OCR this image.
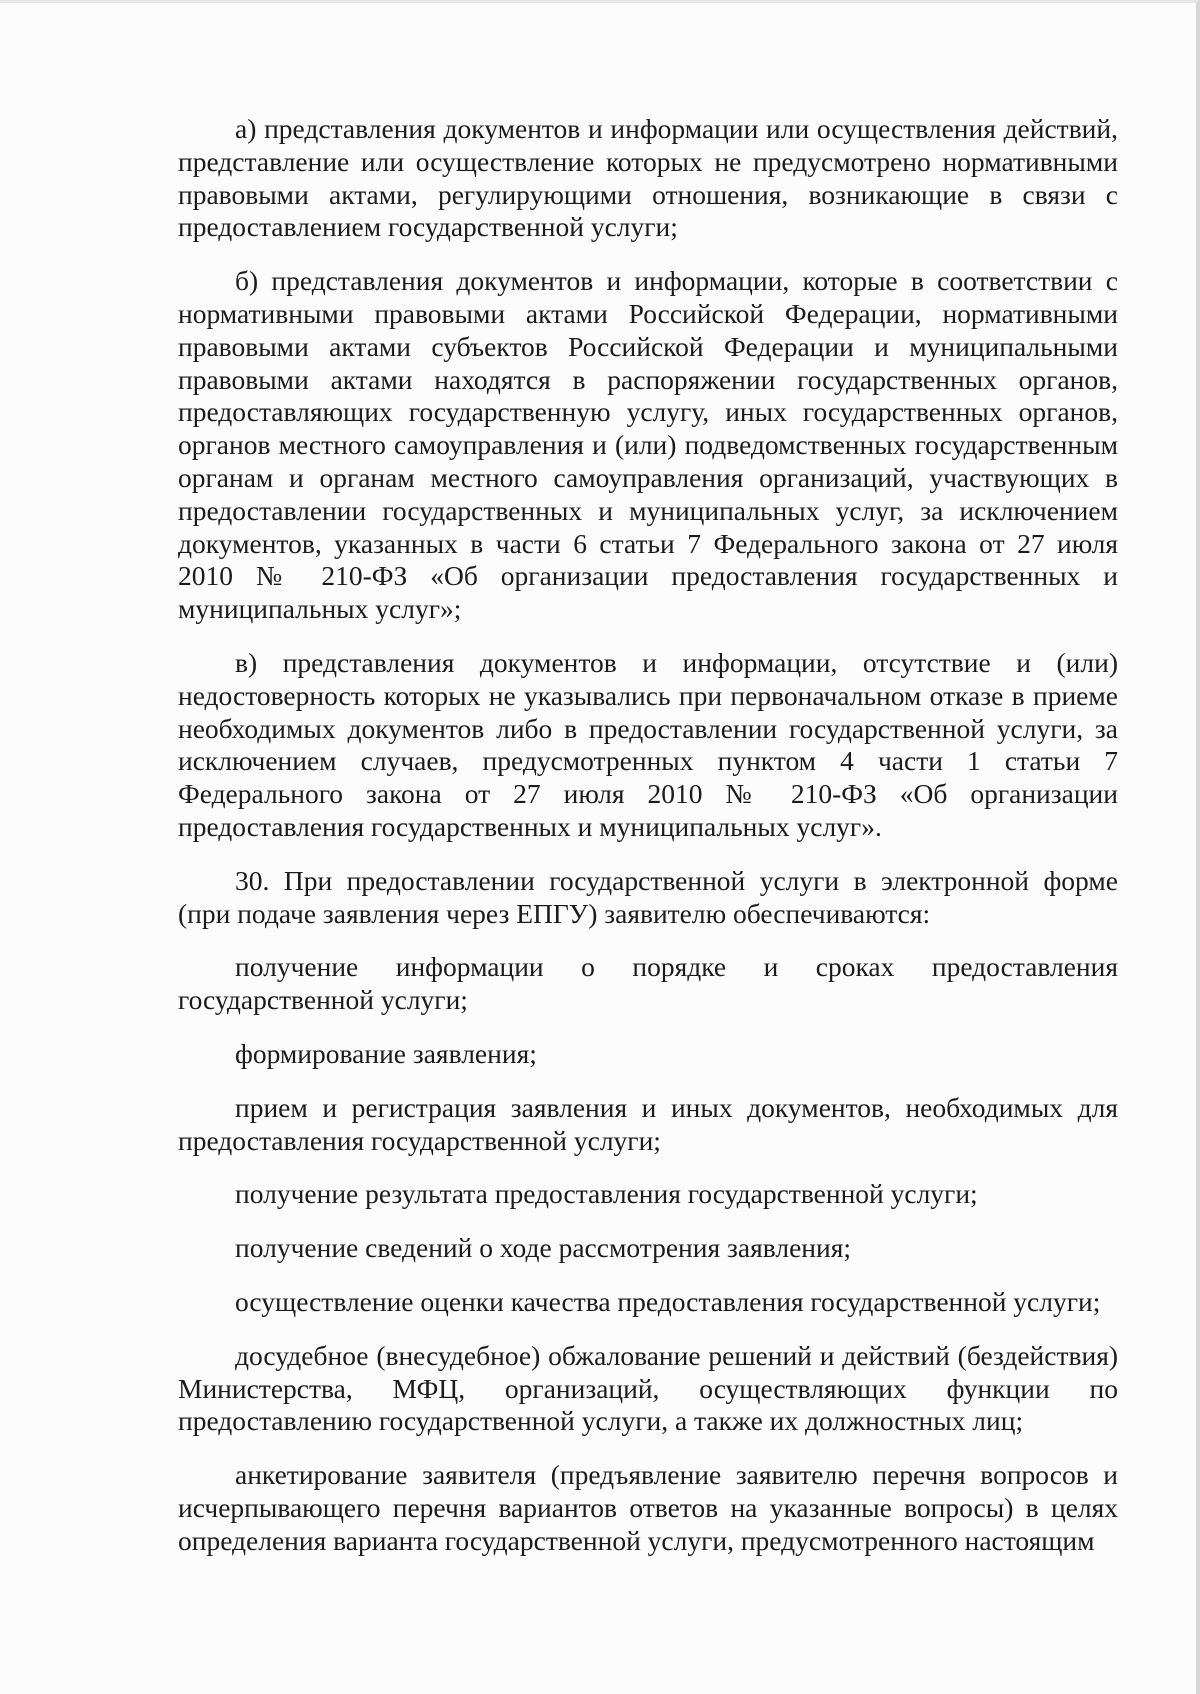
а) представления документов и информации или осуществления действий, представление или осуществление которых не предусмотрено нормативными правовыми актами, регулирующими отношения, возникающие в связи с предоставлением государственной услуги;

б) представления документов и информации, которые в соответствии с нормативными правовыми актами Российской Федерации, нормативными правовыми актами субъектов Российской Федерации и муниципальными правовыми актами находятся в распоряжении государственных органов, предоставляющих государственную услугу, иных государственных органов, органов местного самоуправления и (или) подведомственных государственным органам и органам местного самоуправления организаций, участвующих в предоставлении государственных и муниципальных услуг, за исключением документов, указанных в части 6 статьи 7 Федерального закона от 27 июля 2010 № 210-ФЗ «Об организации предоставления государственных и муниципальных услуг»;

в) представления документов и информации, отсутствие и (или) недостоверность которых не указывались при первоначальном отказе в приеме необходимых документов либо в предоставлении государственной услуги, за исключением случаев, предусмотренных пунктом 4 части 1 статьи 7 Федерального закона от 27 июля 2010 № 210-ФЗ «Об организации предоставления государственных и муниципальных услуг».

30. При предоставлении государственной услуги в электронной форме (при подаче заявления через ЕПГУ) заявителю обеспечиваются:

получение информации о порядке и сроках предоставления государственной услуги;

формирование заявления;

прием и регистрация заявления и иных документов, необходимых для предоставления государственной услуги;

получение результата предоставления государственной услуги;

получение сведений о ходе рассмотрения заявления;

осуществление оценки качества предоставления государственной услуги;

досудебное (внесудебное) обжалование решений и действий (бездействия) Министерства, МФЦ, организаций, осуществляющих функции по предоставлению государственной услуги, а также их должностных лиц;

анкетирование заявителя (предъявление заявителю перечня вопросов и исчерпывающего перечня вариантов ответов на указанные вопросы) в целях определения варианта государственной услуги, предусмотренного настоящим
